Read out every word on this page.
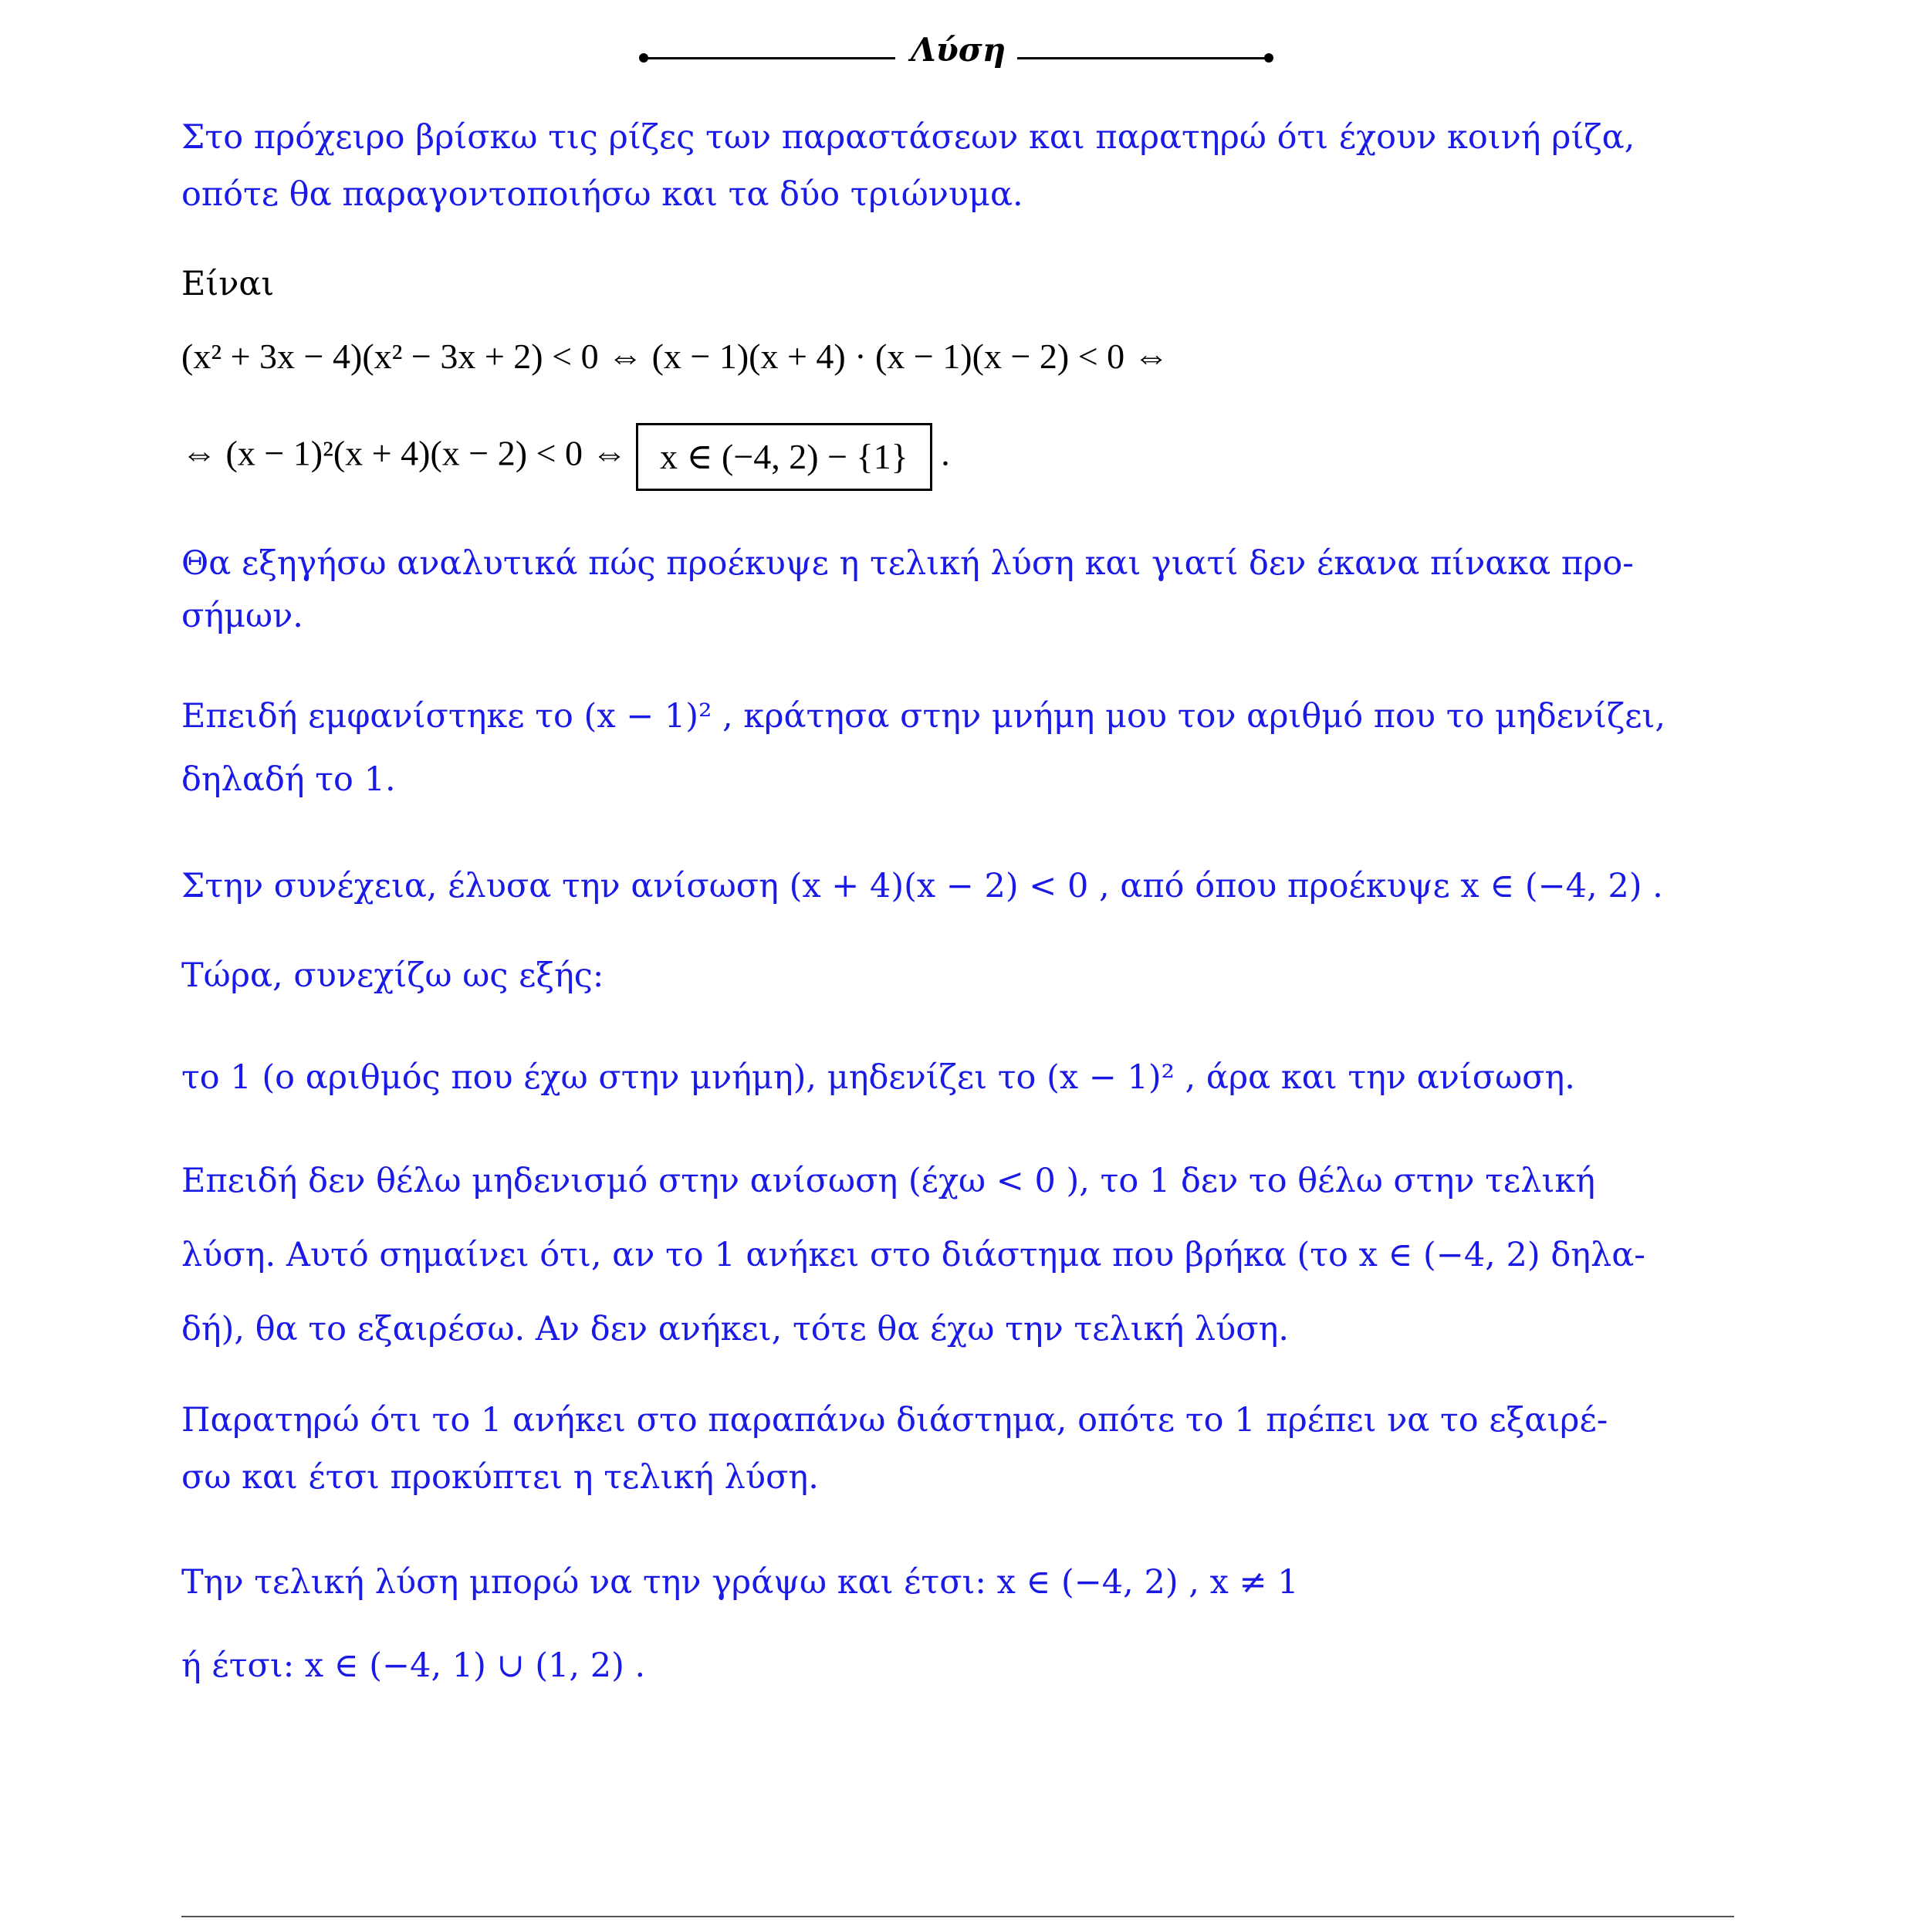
Λύση
Στο πρόχειρο βρίσκω τις ρίζες των παραστάσεων και παρατηρώ ότι έχουν κοινή ρίζα,
οπότε θα παραγοντοποιήσω και τα δύο τριώνυμα.
Είναι
(x² + 3x − 4)(x² − 3x + 2) < 0 ⇔ (x − 1)(x + 4) · (x − 1)(x − 2) < 0 ⇔
⇔ (x − 1)²(x + 4)(x − 2) < 0 ⇔ x ∈ (−4, 2) − {1} .
Θα εξηγήσω αναλυτικά πώς προέκυψε η τελική λύση και γιατί δεν έκανα πίνακα προ-
σήμων.
Επειδή εμφανίστηκε το (x − 1)² , κράτησα στην μνήμη μου τον αριθμό που το μηδενίζει,
δηλαδή το 1.
Στην συνέχεια, έλυσα την ανίσωση (x + 4)(x − 2) < 0 , από όπου προέκυψε x ∈ (−4, 2) .
Τώρα, συνεχίζω ως εξής:
το 1 (ο αριθμός που έχω στην μνήμη), μηδενίζει το (x − 1)² , άρα και την ανίσωση.
Επειδή δεν θέλω μηδενισμό στην ανίσωση (έχω < 0 ), το 1 δεν το θέλω στην τελική
λύση. Αυτό σημαίνει ότι, αν το 1 ανήκει στο διάστημα που βρήκα (το x ∈ (−4, 2) δηλα-
δή), θα το εξαιρέσω. Αν δεν ανήκει, τότε θα έχω την τελική λύση.
Παρατηρώ ότι το 1 ανήκει στο παραπάνω διάστημα, οπότε το 1 πρέπει να το εξαιρέ-
σω και έτσι προκύπτει η τελική λύση.
Την τελική λύση μπορώ να την γράψω και έτσι: x ∈ (−4, 2) , x ≠ 1
ή έτσι: x ∈ (−4, 1) ∪ (1, 2) .
